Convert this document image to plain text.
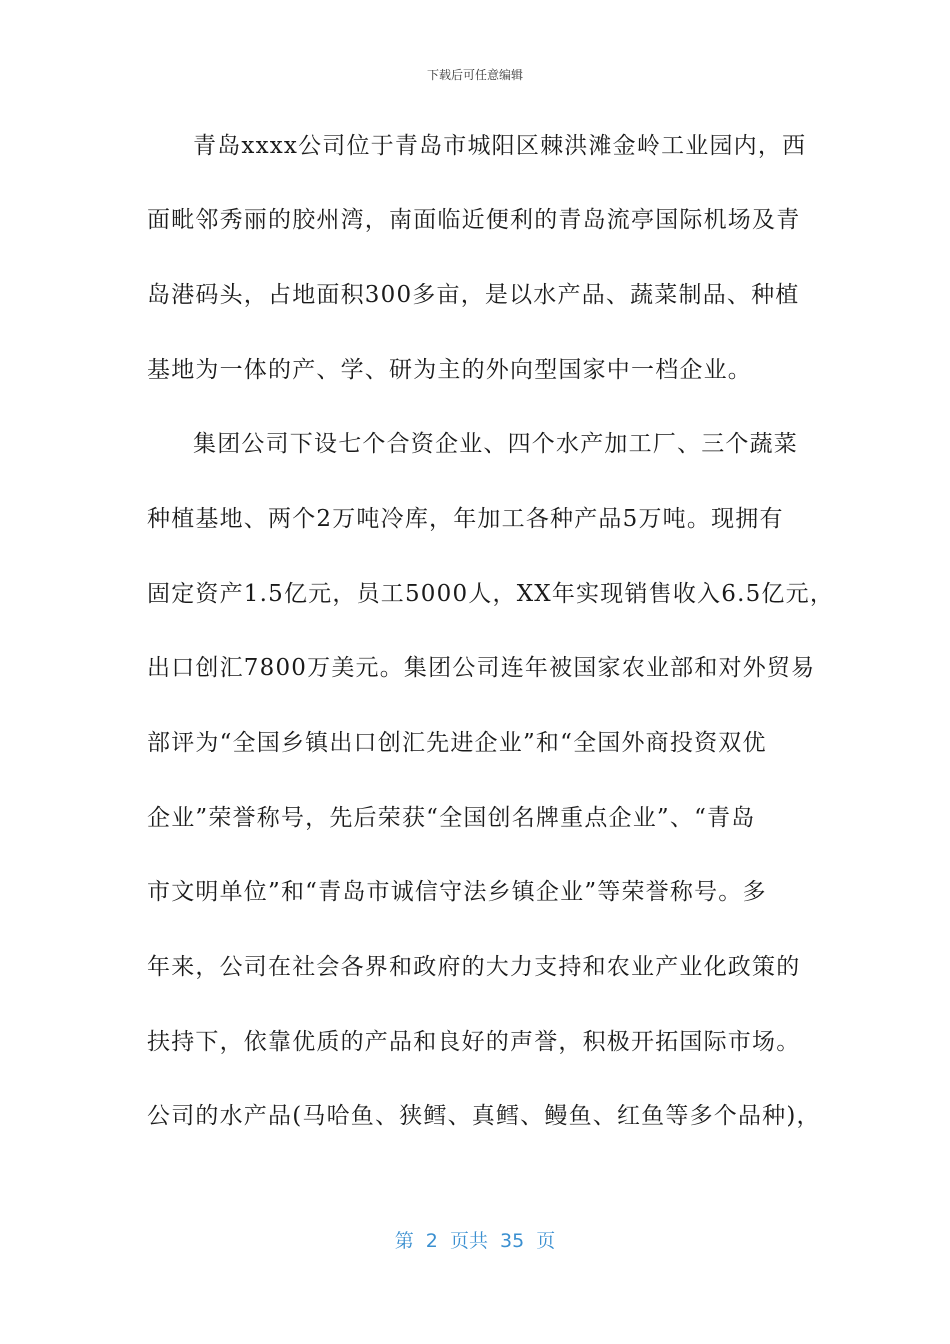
下载后可任意编辑
青岛xxxx公司位于青岛市城阳区棘洪滩金岭工业园内，西
面毗邻秀丽的胶州湾，南面临近便利的青岛流亭国际机场及青
岛港码头，占地面积300多亩，是以水产品、蔬菜制品、种植
基地为一体的产、学、研为主的外向型国家中一档企业。
集团公司下设七个合资企业、四个水产加工厂、三个蔬菜
种植基地、两个2万吨冷库，年加工各种产品5万吨。现拥有
固定资产1.5亿元，员工5000人，XX年实现销售收入6.5亿元，
出口创汇7800万美元。集团公司连年被国家农业部和对外贸易
部评为“全国乡镇出口创汇先进企业”和“全国外商投资双优
企业”荣誉称号，先后荣获“全国创名牌重点企业”、“青岛
市文明单位”和“青岛市诚信守法乡镇企业”等荣誉称号。多
年来，公司在社会各界和政府的大力支持和农业产业化政策的
扶持下，依靠优质的产品和良好的声誉，积极开拓国际市场。
公司的水产品(马哈鱼、狭鳕、真鳕、鳗鱼、红鱼等多个品种)，
第  2  页共  35  页
